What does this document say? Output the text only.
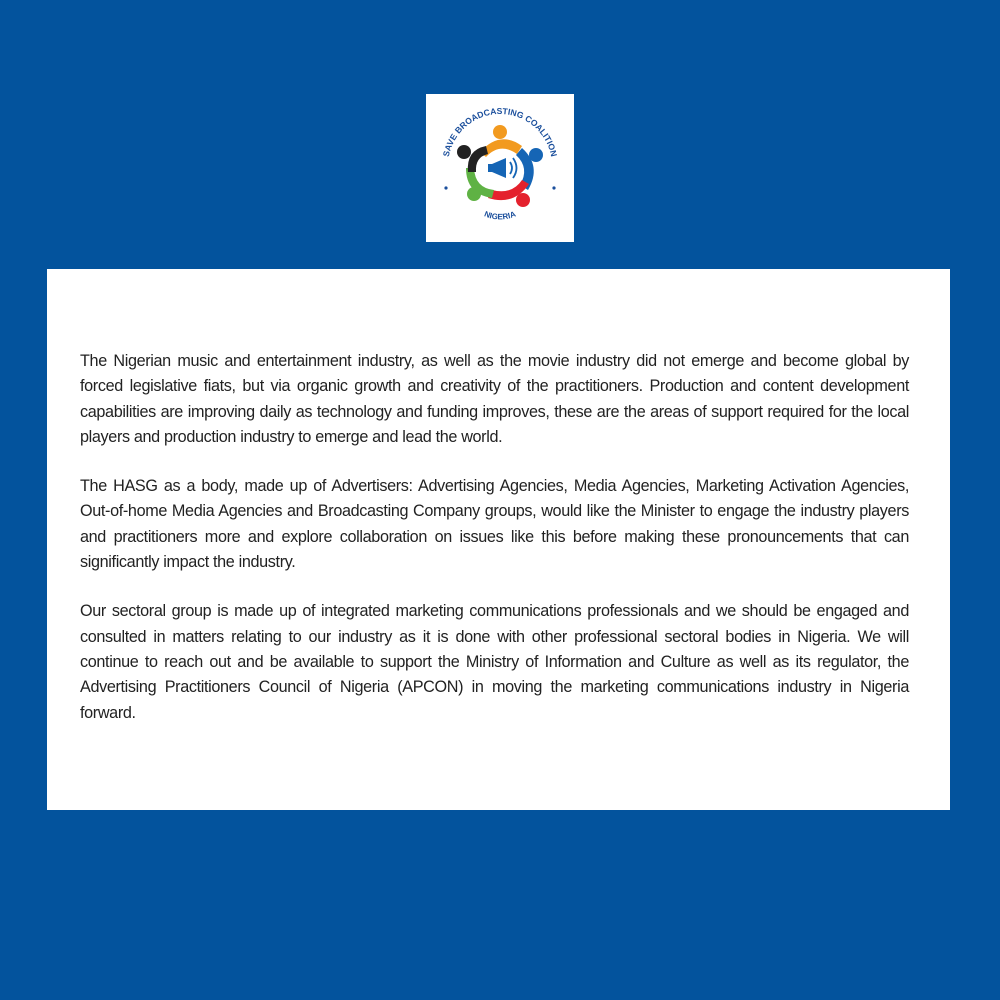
SAVE BROADCASTING COALITION
NIGERIA

The Nigerian music and entertainment industry, as well as the movie industry did not emerge and become global by forced legislative fiats, but via organic growth and creativity of the practitioners. Production and content development capabilities are improving daily as technology and funding improves, these are the areas of support required for the local players and production industry to emerge and lead the world.

The HASG as a body, made up of Advertisers: Advertising Agencies, Media Agencies, Marketing Activation Agencies, Out-of-home Media Agencies and Broadcasting Company groups, would like the Minister to engage the industry players and practitioners more and explore collaboration on issues like this before making these pronouncements that can significantly impact the industry.

Our sectoral group is made up of integrated marketing communications professionals and we should be engaged and consulted in matters relating to our industry as it is done with other professional sectoral bodies in Nigeria. We will continue to reach out and be available to support the Ministry of Information and Culture as well as its regulator, the Advertising Practitioners Council of Nigeria (APCON) in moving the marketing communications industry in Nigeria forward.
